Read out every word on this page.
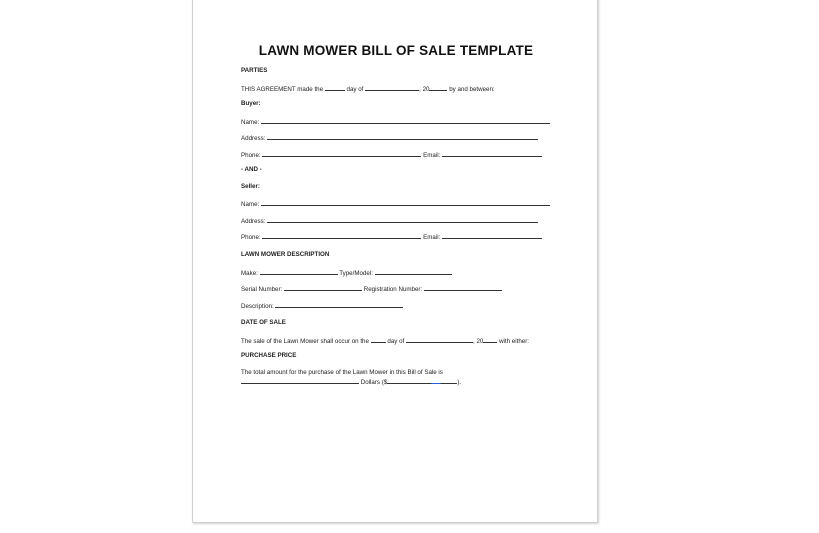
LAWN MOWER BILL OF SALE TEMPLATE
PARTIES
THIS AGREEMENT made the	day of	, 20	by and between:
Buyer:
Name:
Address:
Phone:	Email:
- AND -
Seller:
Name:
Address:
Phone:	Email:
LAWN MOWER DESCRIPTION
Make:	Type/Model:
Serial Number:	Registration Number:
Description:
DATE OF SALE
The sale of the Lawn Mower shall occur on the	day of	, 20	with either:
PURCHASE PRICE
The total amount for the purchase of the Lawn Mower in this Bill of Sale is
Dollars ($	).
